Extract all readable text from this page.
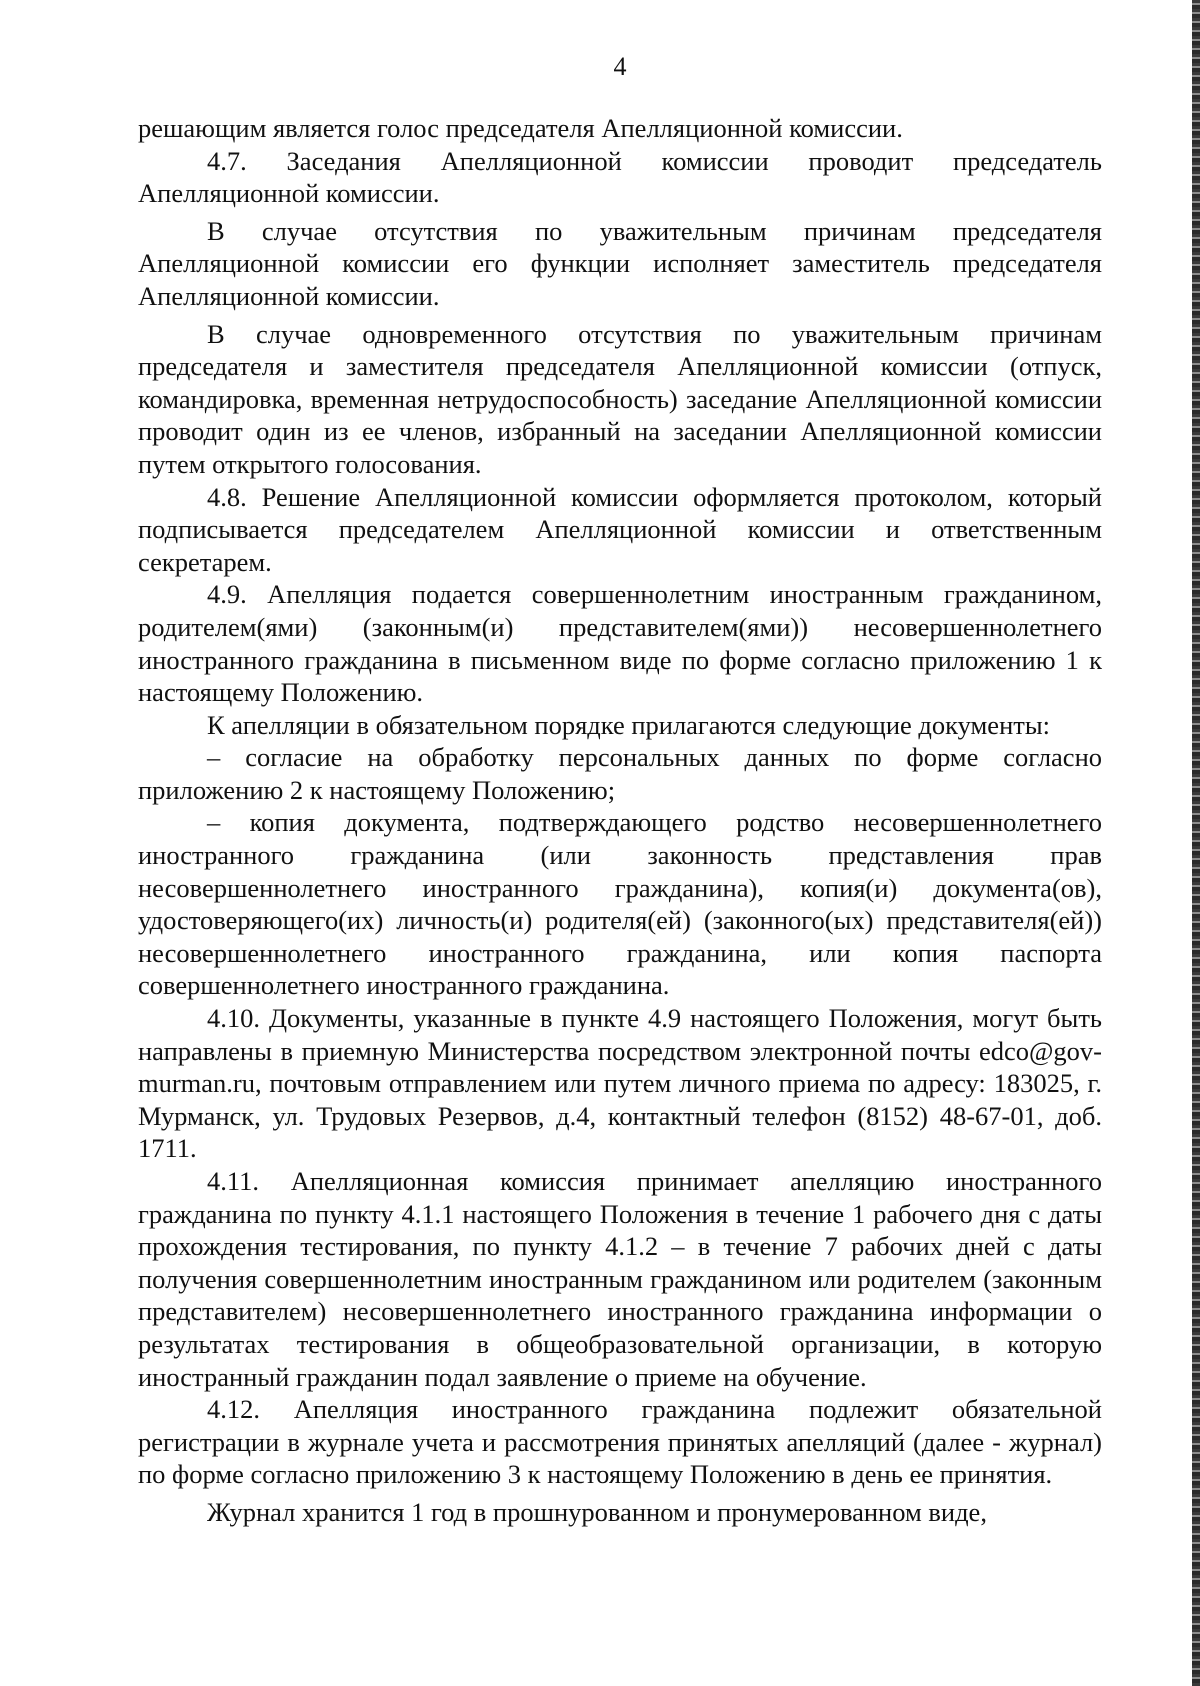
4

решающим является голос председателя Апелляционной комиссии.

4.7. Заседания Апелляционной комиссии проводит председатель Апелляционной комиссии.

В случае отсутствия по уважительным причинам председателя Апелляционной комиссии его функции исполняет заместитель председателя Апелляционной комиссии.

В случае одновременного отсутствия по уважительным причинам председателя и заместителя председателя Апелляционной комиссии (отпуск, командировка, временная нетрудоспособность) заседание Апелляционной комиссии проводит один из ее членов, избранный на заседании Апелляционной комиссии путем открытого голосования.

4.8. Решение Апелляционной комиссии оформляется протоколом, который подписывается председателем Апелляционной комиссии и ответственным секретарем.

4.9. Апелляция подается совершеннолетним иностранным гражданином, родителем(ями) (законным(и) представителем(ями)) несовершеннолетнего иностранного гражданина в письменном виде по форме согласно приложению 1 к настоящему Положению.

К апелляции в обязательном порядке прилагаются следующие документы:

– согласие на обработку персональных данных по форме согласно приложению 2 к настоящему Положению;

– копия документа, подтверждающего родство несовершеннолетнего иностранного гражданина (или законность представления прав несовершеннолетнего иностранного гражданина), копия(и) документа(ов), удостоверяющего(их) личность(и) родителя(ей) (законного(ых) представителя(ей)) несовершеннолетнего иностранного гражданина, или копия паспорта совершеннолетнего иностранного гражданина.

4.10. Документы, указанные в пункте 4.9 настоящего Положения, могут быть направлены в приемную Министерства посредством электронной почты edco@gov-murman.ru, почтовым отправлением или путем личного приема по адресу: 183025, г. Мурманск, ул. Трудовых Резервов, д.4, контактный телефон (8152) 48-67-01, доб. 1711.

4.11. Апелляционная комиссия принимает апелляцию иностранного гражданина по пункту 4.1.1 настоящего Положения в течение 1 рабочего дня с даты прохождения тестирования, по пункту 4.1.2 – в течение 7 рабочих дней с даты получения совершеннолетним иностранным гражданином или родителем (законным представителем) несовершеннолетнего иностранного гражданина информации о результатах тестирования в общеобразовательной организации, в которую иностранный гражданин подал заявление о приеме на обучение.

4.12. Апелляция иностранного гражданина подлежит обязательной регистрации в журнале учета и рассмотрения принятых апелляций (далее - журнал) по форме согласно приложению 3 к настоящему Положению в день ее принятия.

Журнал хранится 1 год в прошнурованном и пронумерованном виде,
